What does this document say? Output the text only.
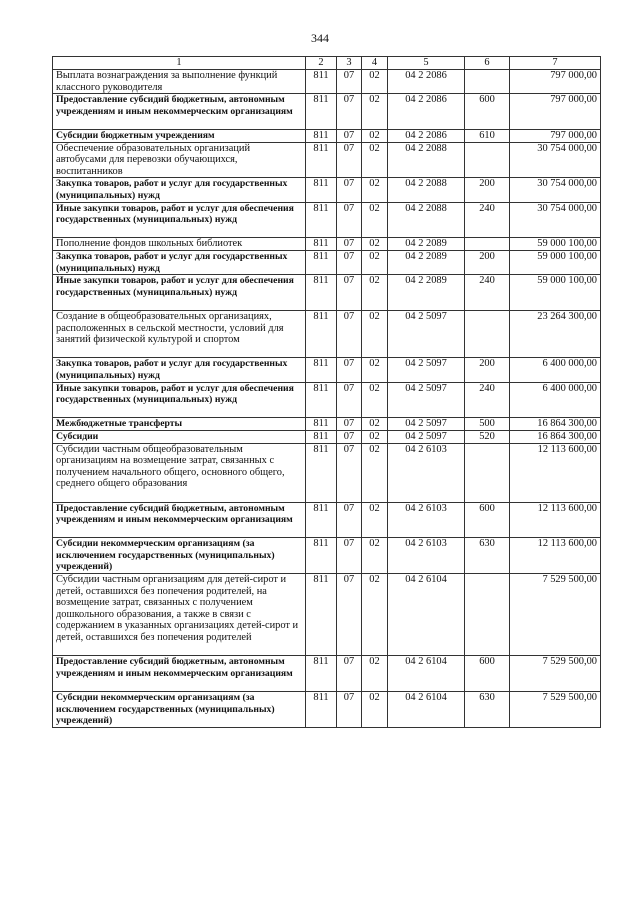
344
1	2	3	4	5	6	7
Выплата вознаграждения за выполнение функций классного руководителя	811	07	02	04 2 2086		797 000,00
Предоставление субсидий бюджетным, автономным учреждениям и иным некоммерческим организациям	811	07	02	04 2 2086	600	797 000,00
Субсидии бюджетным учреждениям	811	07	02	04 2 2086	610	797 000,00
Обеспечение образовательных организаций автобусами для перевозки обучающихся, воспитанников	811	07	02	04 2 2088		30 754 000,00
Закупка товаров, работ и услуг для государственных (муниципальных) нужд	811	07	02	04 2 2088	200	30 754 000,00
Иные закупки товаров, работ и услуг для обеспечения государственных (муниципальных) нужд	811	07	02	04 2 2088	240	30 754 000,00
Пополнение фондов школьных библиотек	811	07	02	04 2 2089		59 000 100,00
Закупка товаров, работ и услуг для государственных (муниципальных) нужд	811	07	02	04 2 2089	200	59 000 100,00
Иные закупки товаров, работ и услуг для обеспечения государственных (муниципальных) нужд	811	07	02	04 2 2089	240	59 000 100,00
Создание в общеобразовательных организациях, расположенных в сельской местности, условий для занятий физической культурой и спортом	811	07	02	04 2 5097		23 264 300,00
Закупка товаров, работ и услуг для государственных (муниципальных) нужд	811	07	02	04 2 5097	200	6 400 000,00
Иные закупки товаров, работ и услуг для обеспечения государственных (муниципальных) нужд	811	07	02	04 2 5097	240	6 400 000,00
Межбюджетные трансферты	811	07	02	04 2 5097	500	16 864 300,00
Субсидии	811	07	02	04 2 5097	520	16 864 300,00
Субсидии частным общеобразовательным организациям на возмещение затрат, связанных с получением начального общего, основного общего, среднего общего образования	811	07	02	04 2 6103		12 113 600,00
Предоставление субсидий бюджетным, автономным учреждениям и иным некоммерческим организациям	811	07	02	04 2 6103	600	12 113 600,00
Субсидии некоммерческим организациям (за исключением государственных (муниципальных) учреждений)	811	07	02	04 2 6103	630	12 113 600,00
Субсидии частным организациям для детей-сирот и детей, оставшихся без попечения родителей, на возмещение затрат, связанных с получением дошкольного образования, а также в связи с содержанием в указанных организациях детей-сирот и детей, оставшихся без попечения родителей	811	07	02	04 2 6104		7 529 500,00
Предоставление субсидий бюджетным, автономным учреждениям и иным некоммерческим организациям	811	07	02	04 2 6104	600	7 529 500,00
Субсидии некоммерческим организациям (за исключением государственных (муниципальных) учреждений)	811	07	02	04 2 6104	630	7 529 500,00
